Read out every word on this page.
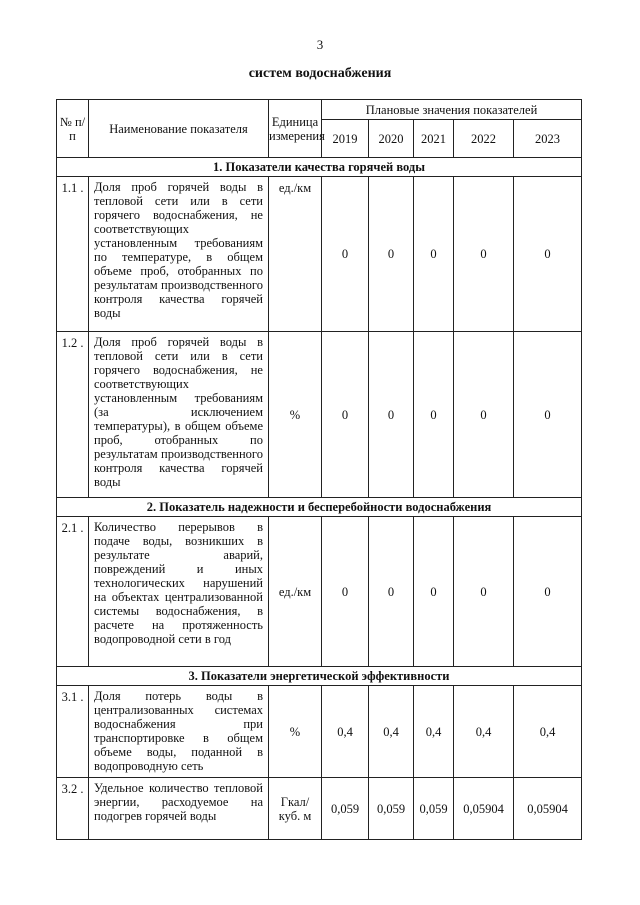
3
систем водоснабжения
№ п/п	Наименование показателя	Единица измерения	Плановые значения показателей				
			2019	2020	2021	2022	2023
1. Показатели качества горячей воды							
1.1 .	Доля проб горячей воды в тепловой сети или в сети горячего водоснабжения, не соответствующих установленным требованиям по температуре, в общем объеме проб, отобранных по результатам производственного контроля качества горячей воды	ед./км	0	0	0	0	0
1.2 .	Доля проб горячей воды в тепловой сети или в сети горячего водоснабжения, не соответствующих установленным требованиям (за исключением температуры), в общем объеме проб, отобранных по результатам производственного контроля качества горячей воды	%	0	0	0	0	0
2. Показатель надежности и бесперебойности водоснабжения							
2.1 .	Количество перерывов в подаче воды, возникших в результате аварий, повреждений и иных технологических нарушений на объектах централизованной системы водоснабжения, в расчете на протяженность водопроводной сети в год	ед./км	0	0	0	0	0
3. Показатели энергетической эффективности							
3.1 .	Доля потерь воды в централизованных системах водоснабжения при транспортировке в общем объеме воды, поданной в водопроводную сеть	%	0,4	0,4	0,4	0,4	0,4
3.2 .	Удельное количество тепловой энергии, расходуемое на подогрев горячей воды	Гкал/ куб. м	0,059	0,059	0,059	0,05904	0,05904
